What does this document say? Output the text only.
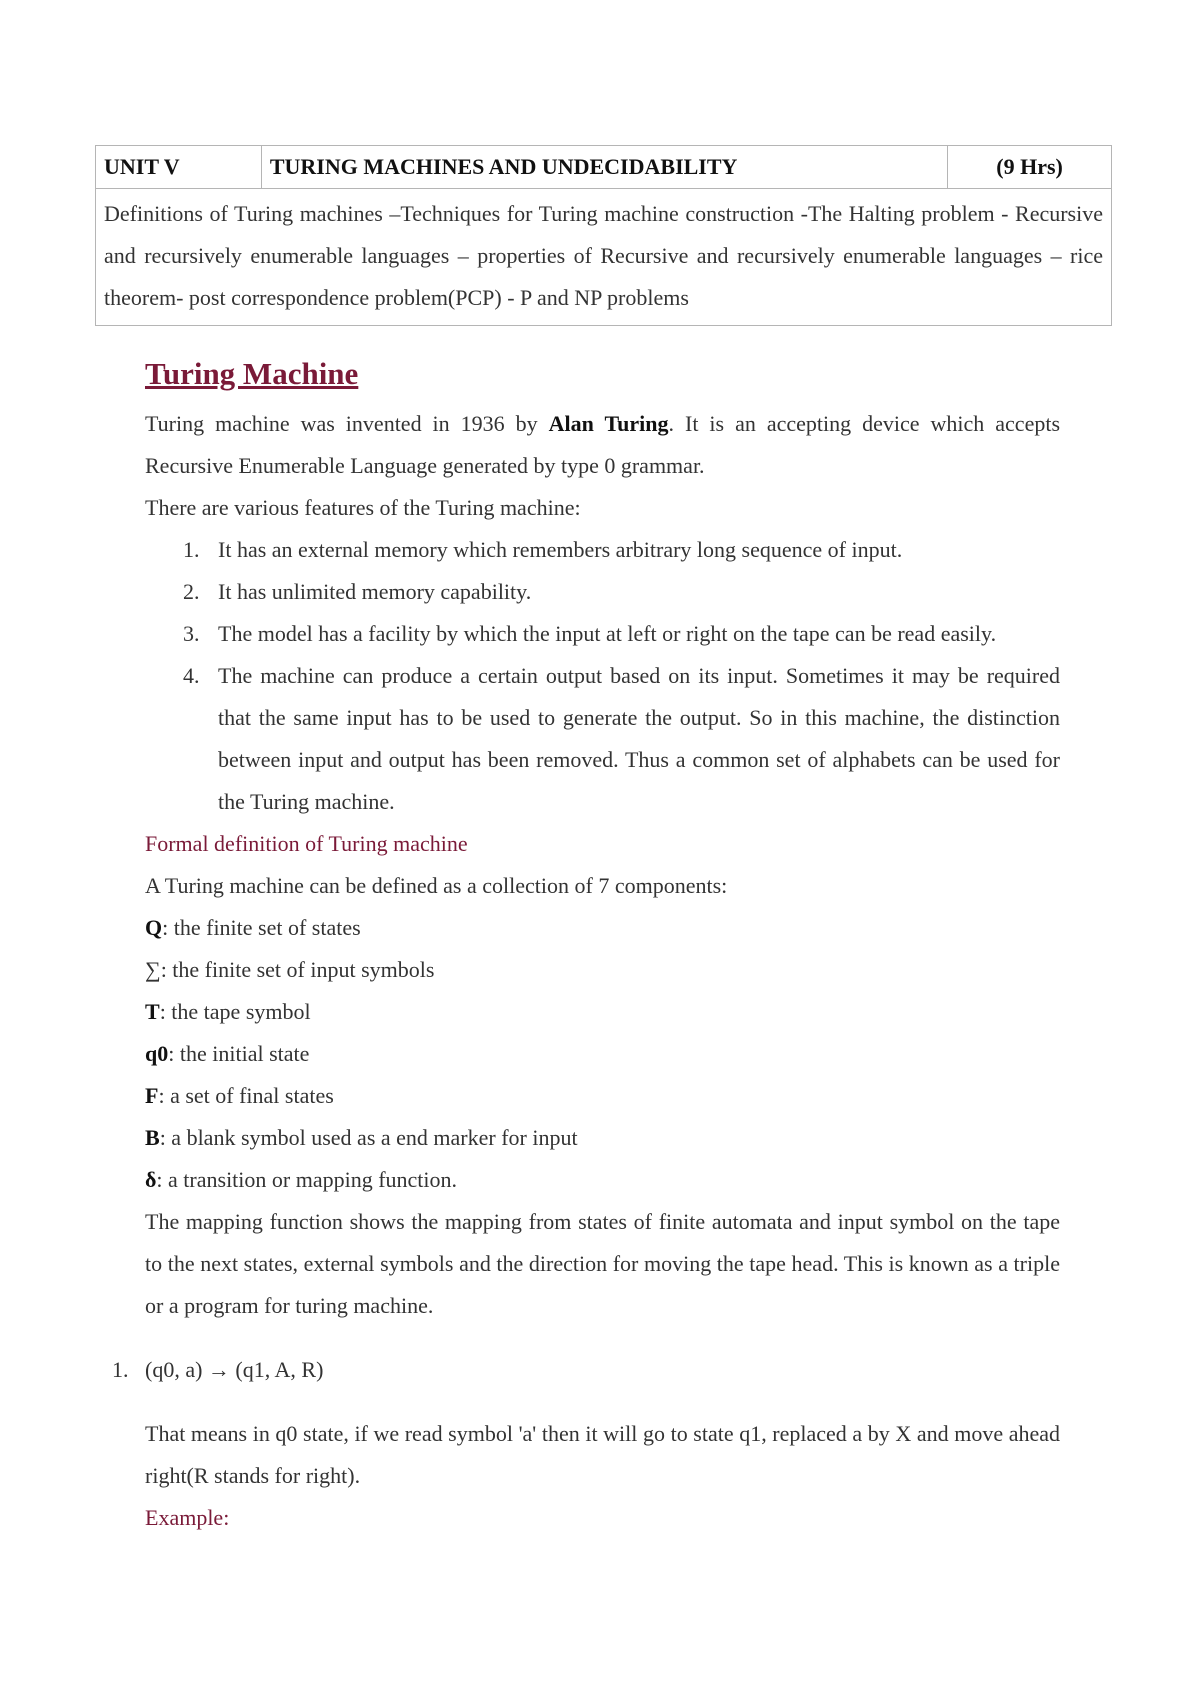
UNIT V	TURING MACHINES AND UNDECIDABILITY	(9 Hrs)
Definitions of Turing machines –Techniques for Turing machine construction -The Halting problem - Recursive and recursively enumerable languages – properties of Recursive and recursively enumerable languages – rice theorem- post correspondence problem(PCP) - P and NP problems
Turing Machine

Turing machine was invented in 1936 by Alan Turing. It is an accepting device which accepts Recursive Enumerable Language generated by type 0 grammar.

There are various features of the Turing machine:

1. It has an external memory which remembers arbitrary long sequence of input.
2. It has unlimited memory capability.
3. The model has a facility by which the input at left or right on the tape can be read easily.
4. The machine can produce a certain output based on its input. Sometimes it may be required that the same input has to be used to generate the output. So in this machine, the distinction between input and output has been removed. Thus a common set of alphabets can be used for the Turing machine.

Formal definition of Turing machine

A Turing machine can be defined as a collection of 7 components:

Q: the finite set of states

∑: the finite set of input symbols

T: the tape symbol

q0: the initial state

F: a set of final states

B: a blank symbol used as a end marker for input

δ: a transition or mapping function.

The mapping function shows the mapping from states of finite automata and input symbol on the tape to the next states, external symbols and the direction for moving the tape head. This is known as a triple or a program for turing machine.

1. (q0, a) → (q1, A, R)

That means in q0 state, if we read symbol 'a' then it will go to state q1, replaced a by X and move ahead right(R stands for right).

Example:
